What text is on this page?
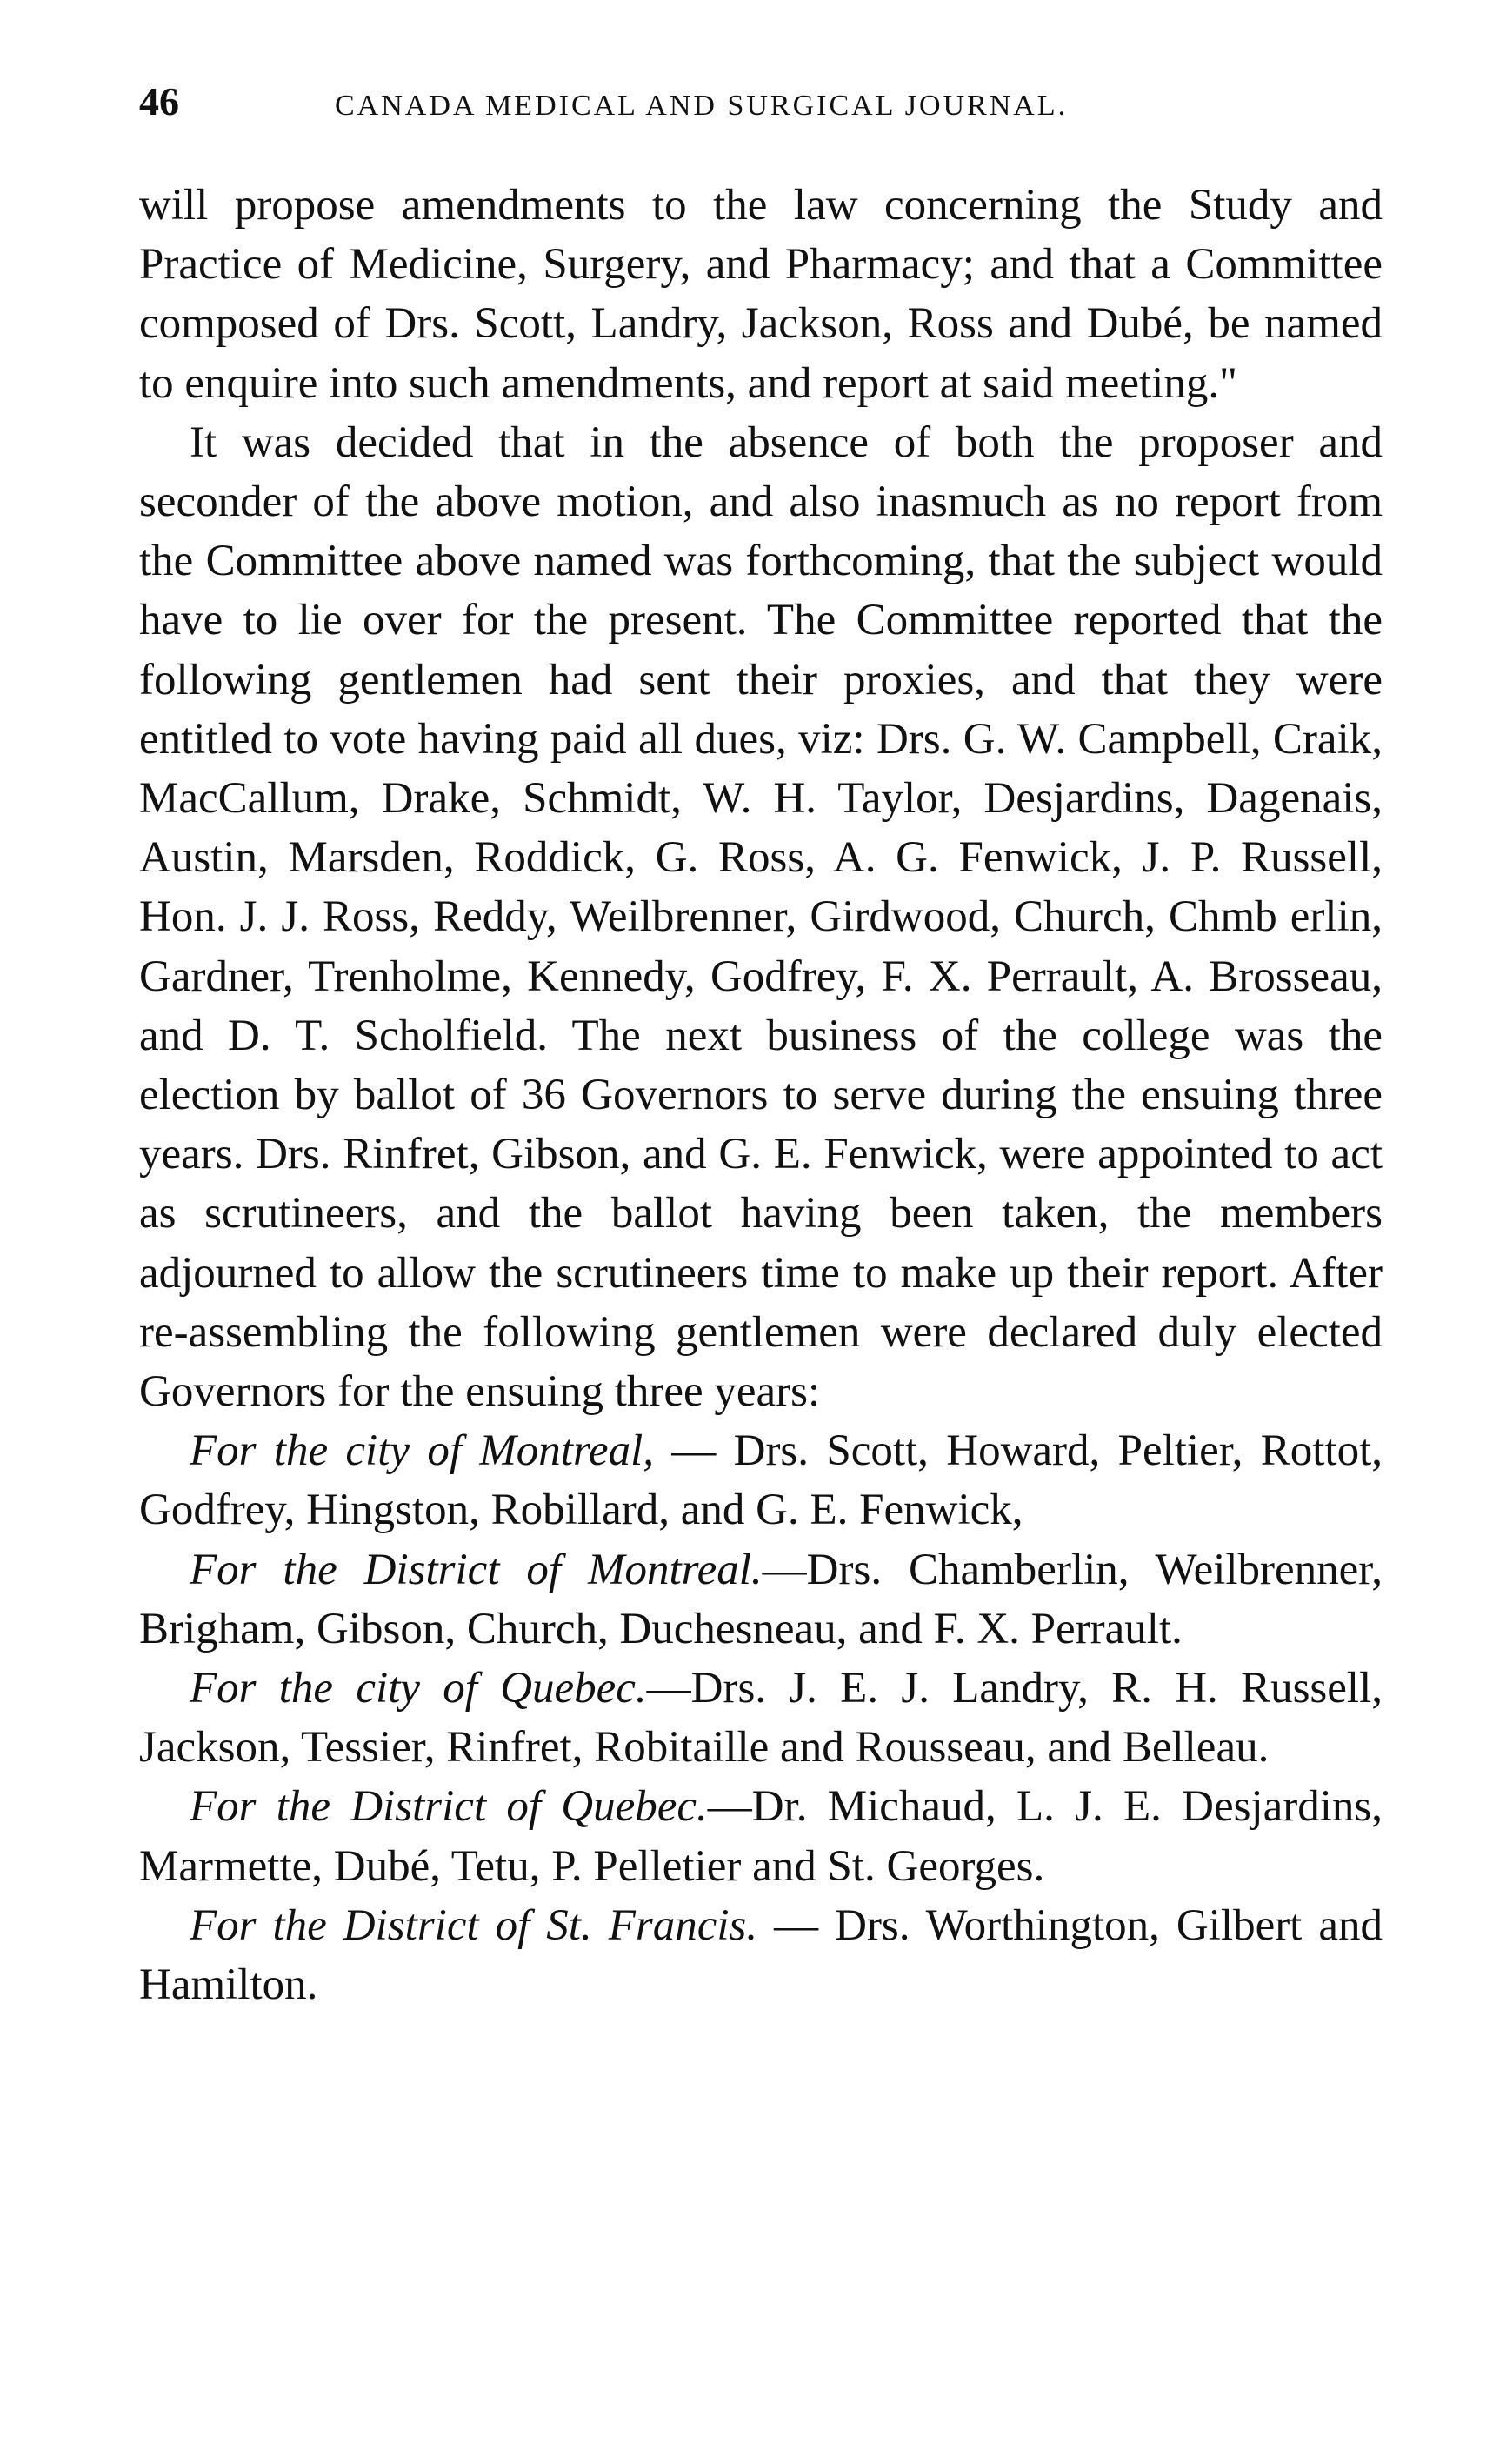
46	CANADA MEDICAL AND SURGICAL JOURNAL.

will propose amendments to the law concerning the Study and Practice of Medicine, Surgery, and Pharmacy; and that a Committee composed of Drs. Scott, Landry, Jackson, Ross and Dubé, be named to enquire into such amendments, and report at said meeting."

It was decided that in the absence of both the proposer and seconder of the above motion, and also inasmuch as no report from the Committee above named was forthcoming, that the subject would have to lie over for the present. The Committee reported that the following gentlemen had sent their proxies, and that they were entitled to vote having paid all dues, viz: Drs. G. W. Campbell, Craik, MacCallum, Drake, Schmidt, W. H. Taylor, Desjardins, Dagenais, Austin, Marsden, Roddick, G. Ross, A. G. Fenwick, J. P. Russell, Hon. J. J. Ross, Reddy, Weilbrenner, Girdwood, Church, Chmb erlin, Gardner, Trenholme, Kennedy, Godfrey, F. X. Perrault, A. Brosseau, and D. T. Scholfield. The next business of the college was the election by ballot of 36 Governors to serve during the ensuing three years. Drs. Rinfret, Gibson, and G. E. Fenwick, were appointed to act as scrutineers, and the ballot having been taken, the members adjourned to allow the scrutineers time to make up their report. After re-assembling the following gentlemen were declared duly elected Governors for the ensuing three years:

For the city of Montreal, — Drs. Scott, Howard, Peltier, Rottot, Godfrey, Hingston, Robillard, and G. E. Fenwick,

For the District of Montreal.—Drs. Chamberlin, Weilbrenner, Brigham, Gibson, Church, Duchesneau, and F. X. Perrault.

For the city of Quebec.—Drs. J. E. J. Landry, R. H. Russell, Jackson, Tessier, Rinfret, Robitaille and Rousseau, and Belleau.

For the District of Quebec.—Dr. Michaud, L. J. E. Desjardins, Marmette, Dubé, Tetu, P. Pelletier and St. Georges.

For the District of St. Francis. — Drs. Worthington, Gilbert and Hamilton.
